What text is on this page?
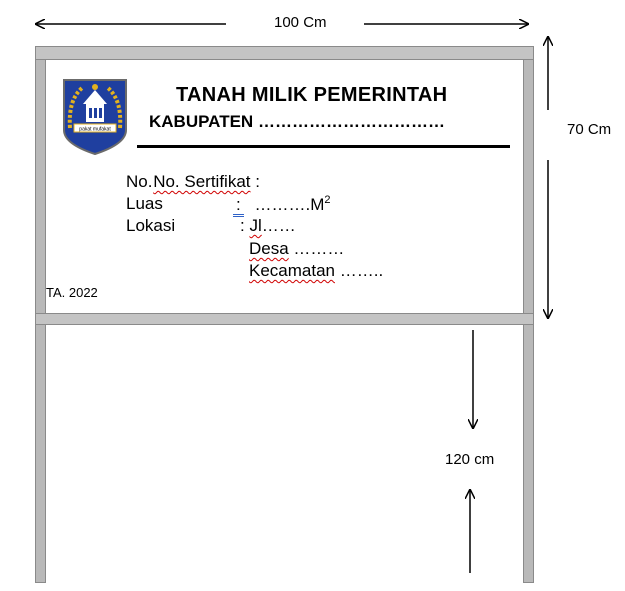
100 Cm
70 Cm
120 cm
pakat mufakat
TANAH MILIK PEMERINTAH
KABUPATEN ……………………………
No. No. Sertifikat :
Luas	: $\dots\dots\dots.M^2$
Lokasi	: Jl……
Desa ………
Kecamatan ……..
TA. 2022
